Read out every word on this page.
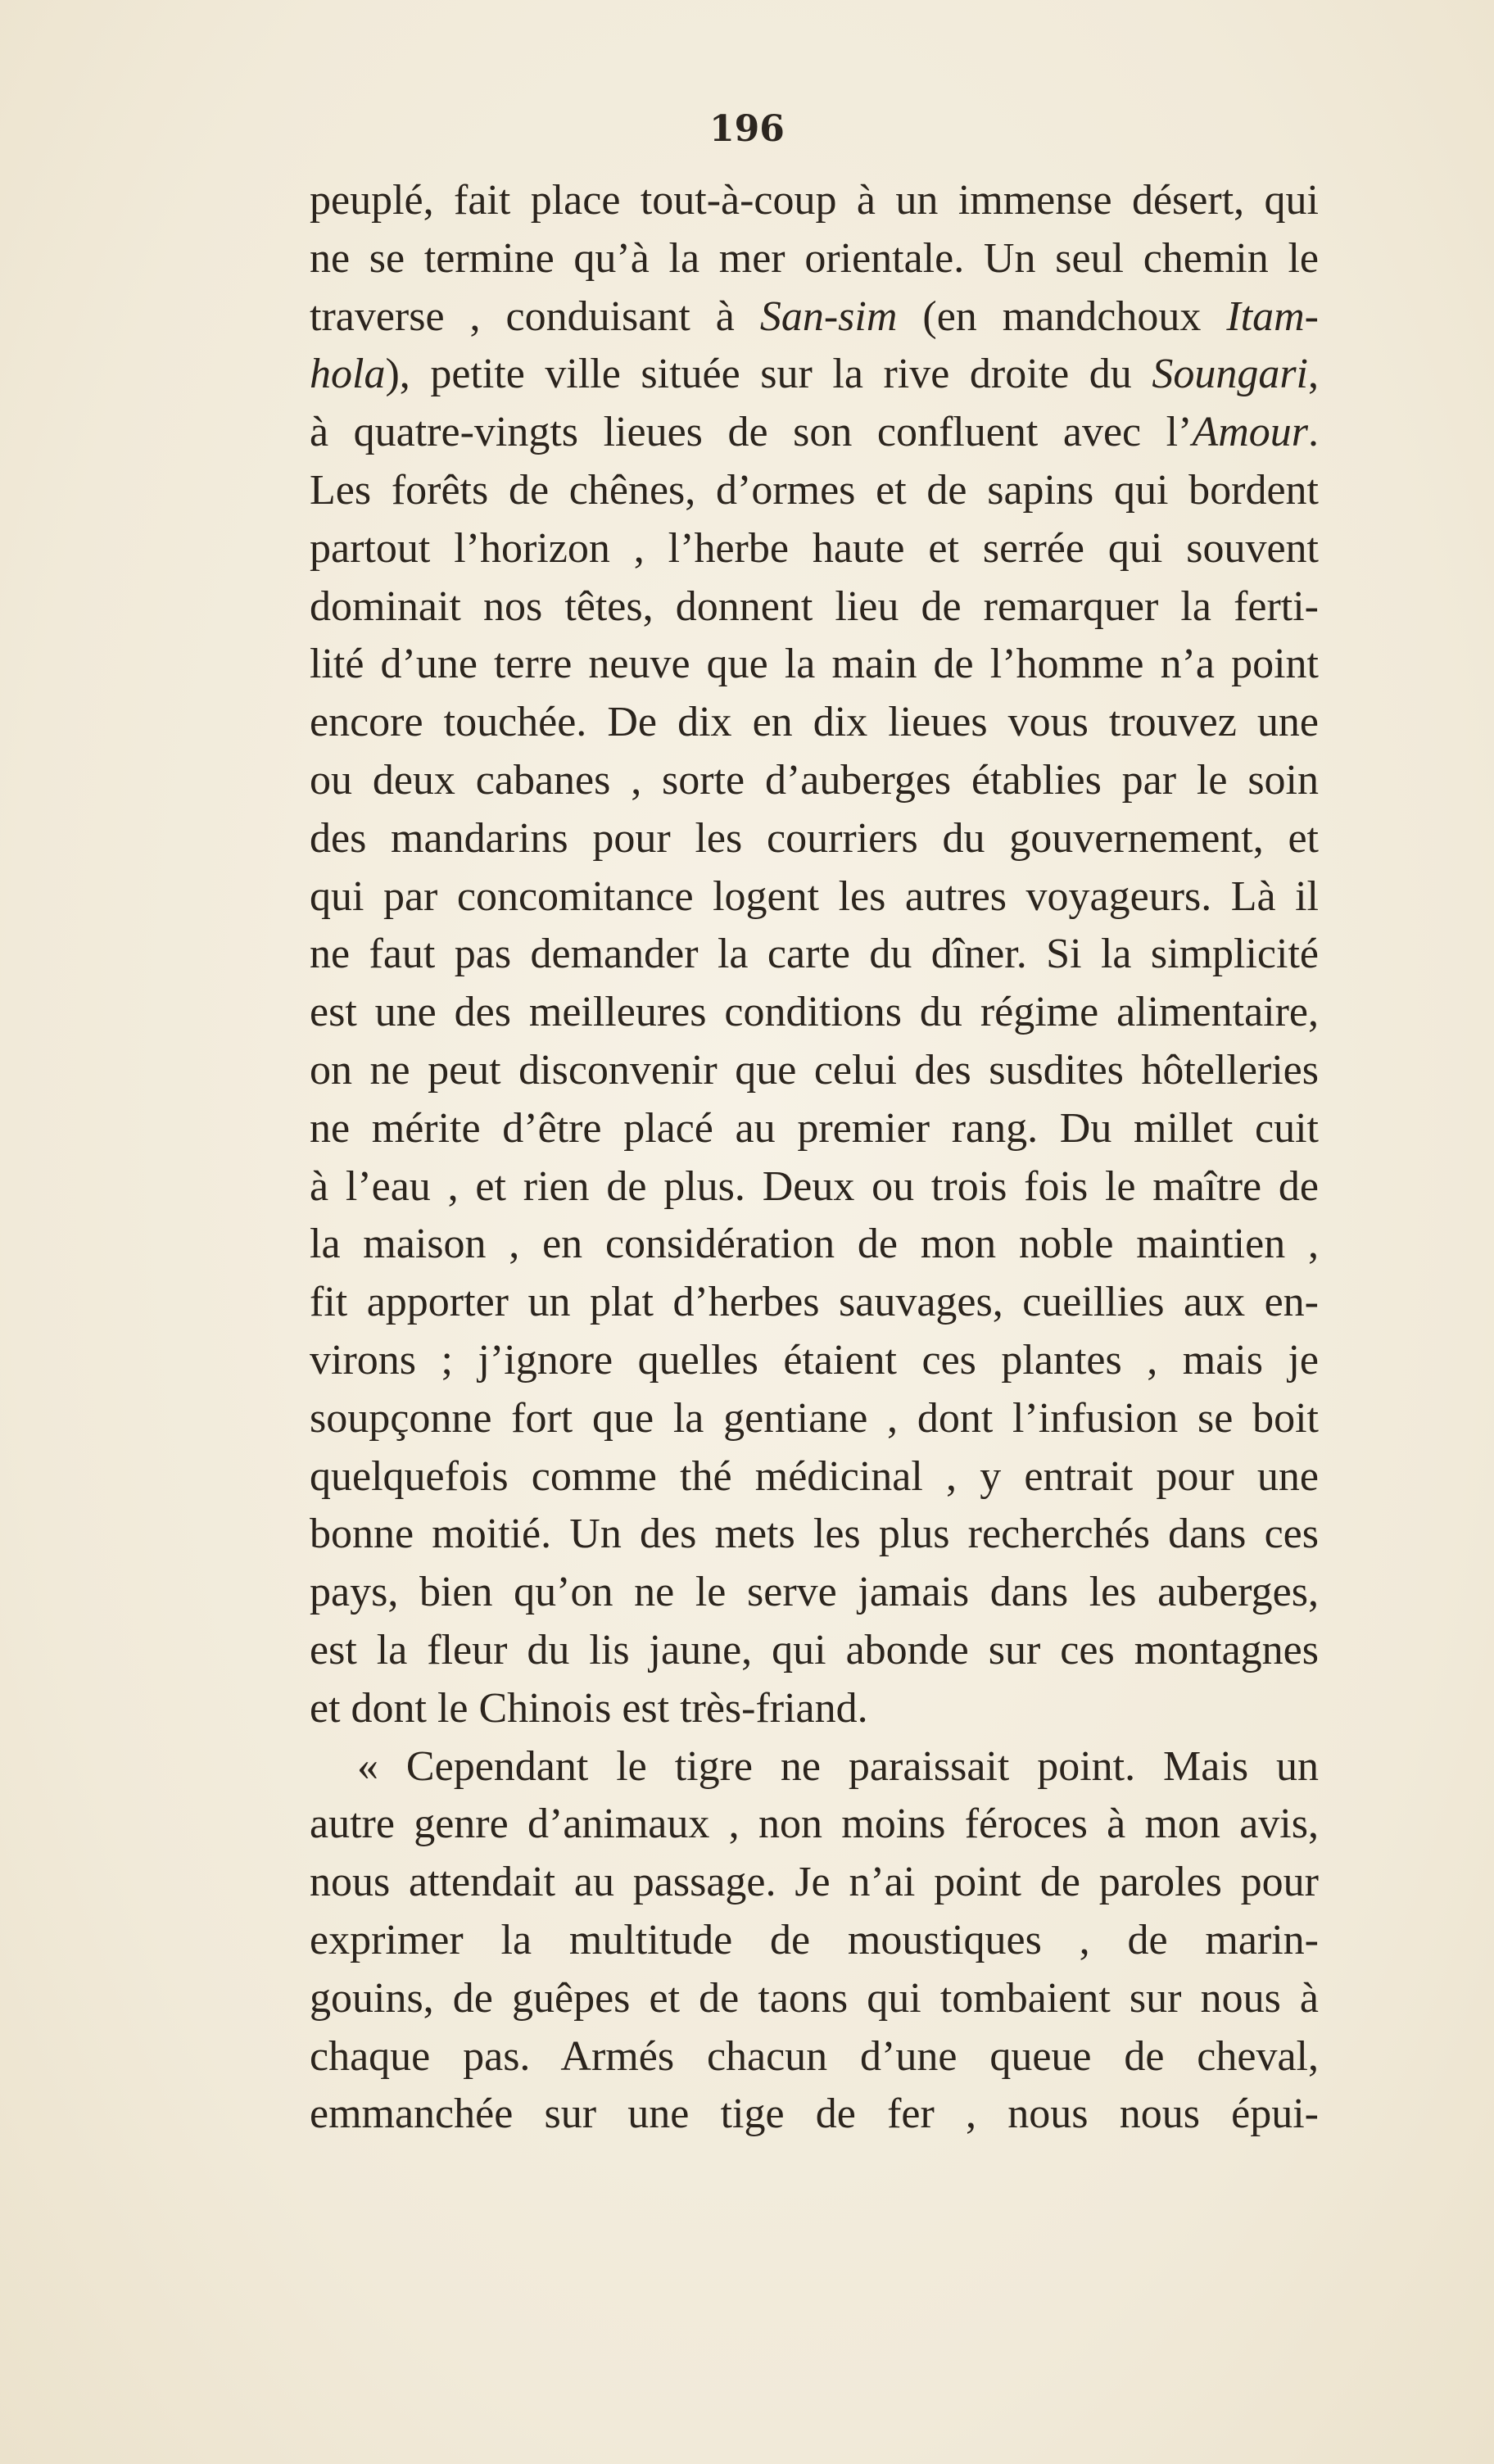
196
peuplé, fait place tout-à-coup à un immense désert, qui
ne se termine qu’à la mer orientale. Un seul chemin le
traverse , conduisant à San-sim (en mandchoux Itam-
hola), petite ville située sur la rive droite du Soungari,
à quatre-vingts lieues de son confluent avec l’Amour.
Les forêts de chênes, d’ormes et de sapins qui bordent
partout l’horizon , l’herbe haute et serrée qui souvent
dominait nos têtes, donnent lieu de remarquer la ferti-
lité d’une terre neuve que la main de l’homme n’a point
encore touchée. De dix en dix lieues vous trouvez une
ou deux cabanes , sorte d’auberges établies par le soin
des mandarins pour les courriers du gouvernement, et
qui par concomitance logent les autres voyageurs. Là il
ne faut pas demander la carte du dîner. Si la simplicité
est une des meilleures conditions du régime alimentaire,
on ne peut disconvenir que celui des susdites hôtelleries
ne mérite d’être placé au premier rang. Du millet cuit
à l’eau , et rien de plus. Deux ou trois fois le maître de
la maison , en considération de mon noble maintien ,
fit apporter un plat d’herbes sauvages, cueillies aux en-
virons ; j’ignore quelles étaient ces plantes , mais je
soupçonne fort que la gentiane , dont l’infusion se boit
quelquefois comme thé médicinal , y entrait pour une
bonne moitié. Un des mets les plus recherchés dans ces
pays, bien qu’on ne le serve jamais dans les auberges,
est la fleur du lis jaune, qui abonde sur ces montagnes
et dont le Chinois est très-friand.
« Cependant le tigre ne paraissait point. Mais un
autre genre d’animaux , non moins féroces à mon avis,
nous attendait au passage. Je n’ai point de paroles pour
exprimer la multitude de moustiques , de marin-
gouins, de guêpes et de taons qui tombaient sur nous à
chaque pas. Armés chacun d’une queue de cheval,
emmanchée sur une tige de fer , nous nous épui-
